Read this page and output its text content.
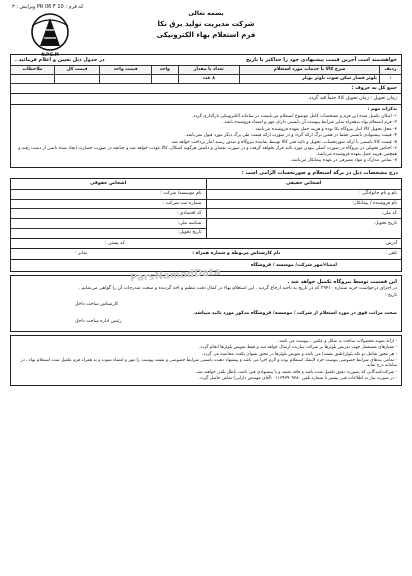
کد فرم : PR 06 F 10 ویرایش : ۳
بسمه تعالی
شرکت مدیریت تولید برق نکا
فرم استعلام بهاء الکترونیکی
N.P.G.M
خواهشمند است آخرین قیمت پیشنهادی خود را حداکثر تا تاریخ
در جدول ذیل تعیین و اعلام فرمائید .
ردیف	شرح کالا یا خدمات مورد استعلام	تعداد یا مقدار	واحد	قیمت واحد	قیمت کل	ملاحظات
۱	بلوئر فشار شکن سوت بلوئر بویلر	۸ عدد				
جمع کل به حروف :
زمان تحویل : زمان تحویل کالا حتماً قید گردد.
تذکرات مهم :
۱- امکان تکمیل شده این فرم و مشخصات کامل موضوع استعلام می‌بایست در سامانه الکترونیکی بارگذاری گردد.
۲- فرم استعلام بهاء به‌همراه سایر شرایط پیوست آن بایستی دارای مهر و امضاء فروشنده باشد .
۳- محل تحویل کالا انبار نیروگاه نکا بوده و هزینه حمل بعهده فروشنده می‌باشد .
۴- قیمت پیشنهادی بایستی فقط در همین برگ ارائه گردد و در صورت ارائه قیمت طی برگ دیگر مورد قبول نمی‌باشد.
۵- قیمت کالا بایستی با ارائه صورتحساب، تحویل و تائید فنی کالا توسط نماینده نیروگاه و صدور رسید انبار پرداخت خواهد شد.
۶- اجناس تحویلی در نیروگاه در صورت اصلی نبودن مورد تائید قرار نخواهد گرفت و در صورت نقصان و داشتن هرگونه اشکال، کالا عودت خواهد شد و چنانچه در صورت خسارت ایجاد شده ناشی از دست رفته و همچنین هزینه حمل بعهده فروشنده می‌باشد.
۷- تمامی مدارک و مواد مصرفی در عهده پیمانکار می‌باشد.
درج مشخصات ذیل در برگه استعلام و صورتحساب الزامی است :
اشخاص حقیقی
نام و نام خانوادگی :
نام فروشنده / پیمانکار:
کد ملی:
تاریخ تحویل:
اشخاص حقوقی
نام موسسه/ شرکت :
شماره ثبت شرکت :
کد اقتصادی :
شناسه ملی:
تاریخ تحویل:
آدرس:
کد پستی :
تلفن :
نام کارشناس مربوطه و شماره همراه :
نمابر :
امضاء/مهر شرکت/ موسسه / فروشگاه
این قسمت توسط نیروگاه تکمیل خواهد شد .

در اجرای درخواست خرید شماره ۲۹۴۱۰ که در تاریخ به ناحیه ارجاع گردید . این استعلام بهاء در کمال دقت تنظیم و اخذ گردیده و صحت مندرجات آن را گواهی می‌نمایم .

تاریخ :

کارشناس ساخت داخل

صحت مراتب فوق در مورد استعلام از شرکت / موسسه/ فروشگاه مذکور مورد تائید میباشد.

رئیس اداره ساخت داخل
- ارائه نمونه محصولات ساخت به شکل و عکس ، پیوست می باشد .
- معیارهای مستعمل جهت تعریض بلوئرها بر شرکت سازنده ارسال خواهد شد و فقط تعویض بلوئرها انجام گردد.
- هر محور شامل دو تکه بلوئر(طبق نقشه) می باشد و تعویض بلوئرها در محور بعنوان یکعدد محاسبه می گردد.
- تمامی بندهای شرایط خصوصی پیوست جزء لاینفک استعلام بوده و لازم اجرا می باشد و پیشنهاد دهنده بایستی شرایط خصوصی و نقشه پیوست را مهر و امضاء نموده و به همراه فرم تکمیل شده استعلام بهاء ، در سامانه درج نماید.
- شرکت‌کنندگانی که بصورت دقیق تکمیل شده باشد و فاقد نقشه و یا پیشنهادی فنی باشد، باطل تلقی خواهند شد.
- در صورت نیاز به اطلاعات فنی بیشتر با شماره تلفن ۰۱۱۳۴۷۹۰۹۳۸۰ (آقای مهندس دارابی) تماس حاصل گردد.
ParsNamadData
